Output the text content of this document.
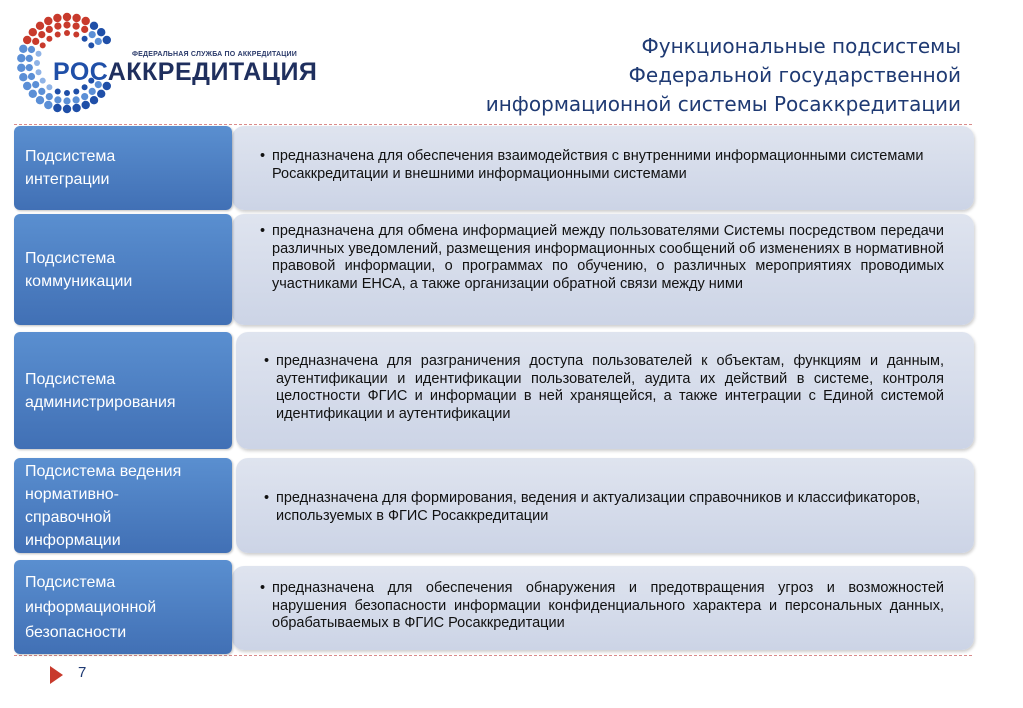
ФЕДЕРАЛЬНАЯ СЛУЖБА ПО АККРЕДИТАЦИИ
РОСАККРЕДИТАЦИЯ
Функциональные подсистемы
Федеральной государственной
информационной системы Росаккредитации
Подсистема
интеграции
• предназначена для обеспечения взаимодействия с внутренними информационными системами Росаккредитации и внешними информационными системами
Подсистема
коммуникации
• предназначена для обмена информацией между пользователями Системы посредством передачи различных уведомлений, размещения информационных сообщений об изменениях в нормативной правовой информации, о программах по обучению, о различных мероприятиях проводимых участниками ЕНСА, а также организации обратной связи между ними
Подсистема
администрирования
• предназначена для разграничения доступа пользователей к объектам, функциям и данным, аутентификации и идентификации пользователей, аудита их действий в системе, контроля целостности ФГИС и информации в ней хранящейся, а также интеграции с Единой системой идентификации и аутентификации
Подсистема ведения
нормативно-
справочной
информации
• предназначена для формирования, ведения и актуализации справочников и классификаторов, используемых в ФГИС Росаккредитации
Подсистема
информационной
безопасности
• предназначена для обеспечения обнаружения и предотвращения угроз и возможностей нарушения безопасности информации конфиденциального характера и персональных данных, обрабатываемых в ФГИС Росаккредитации
7
